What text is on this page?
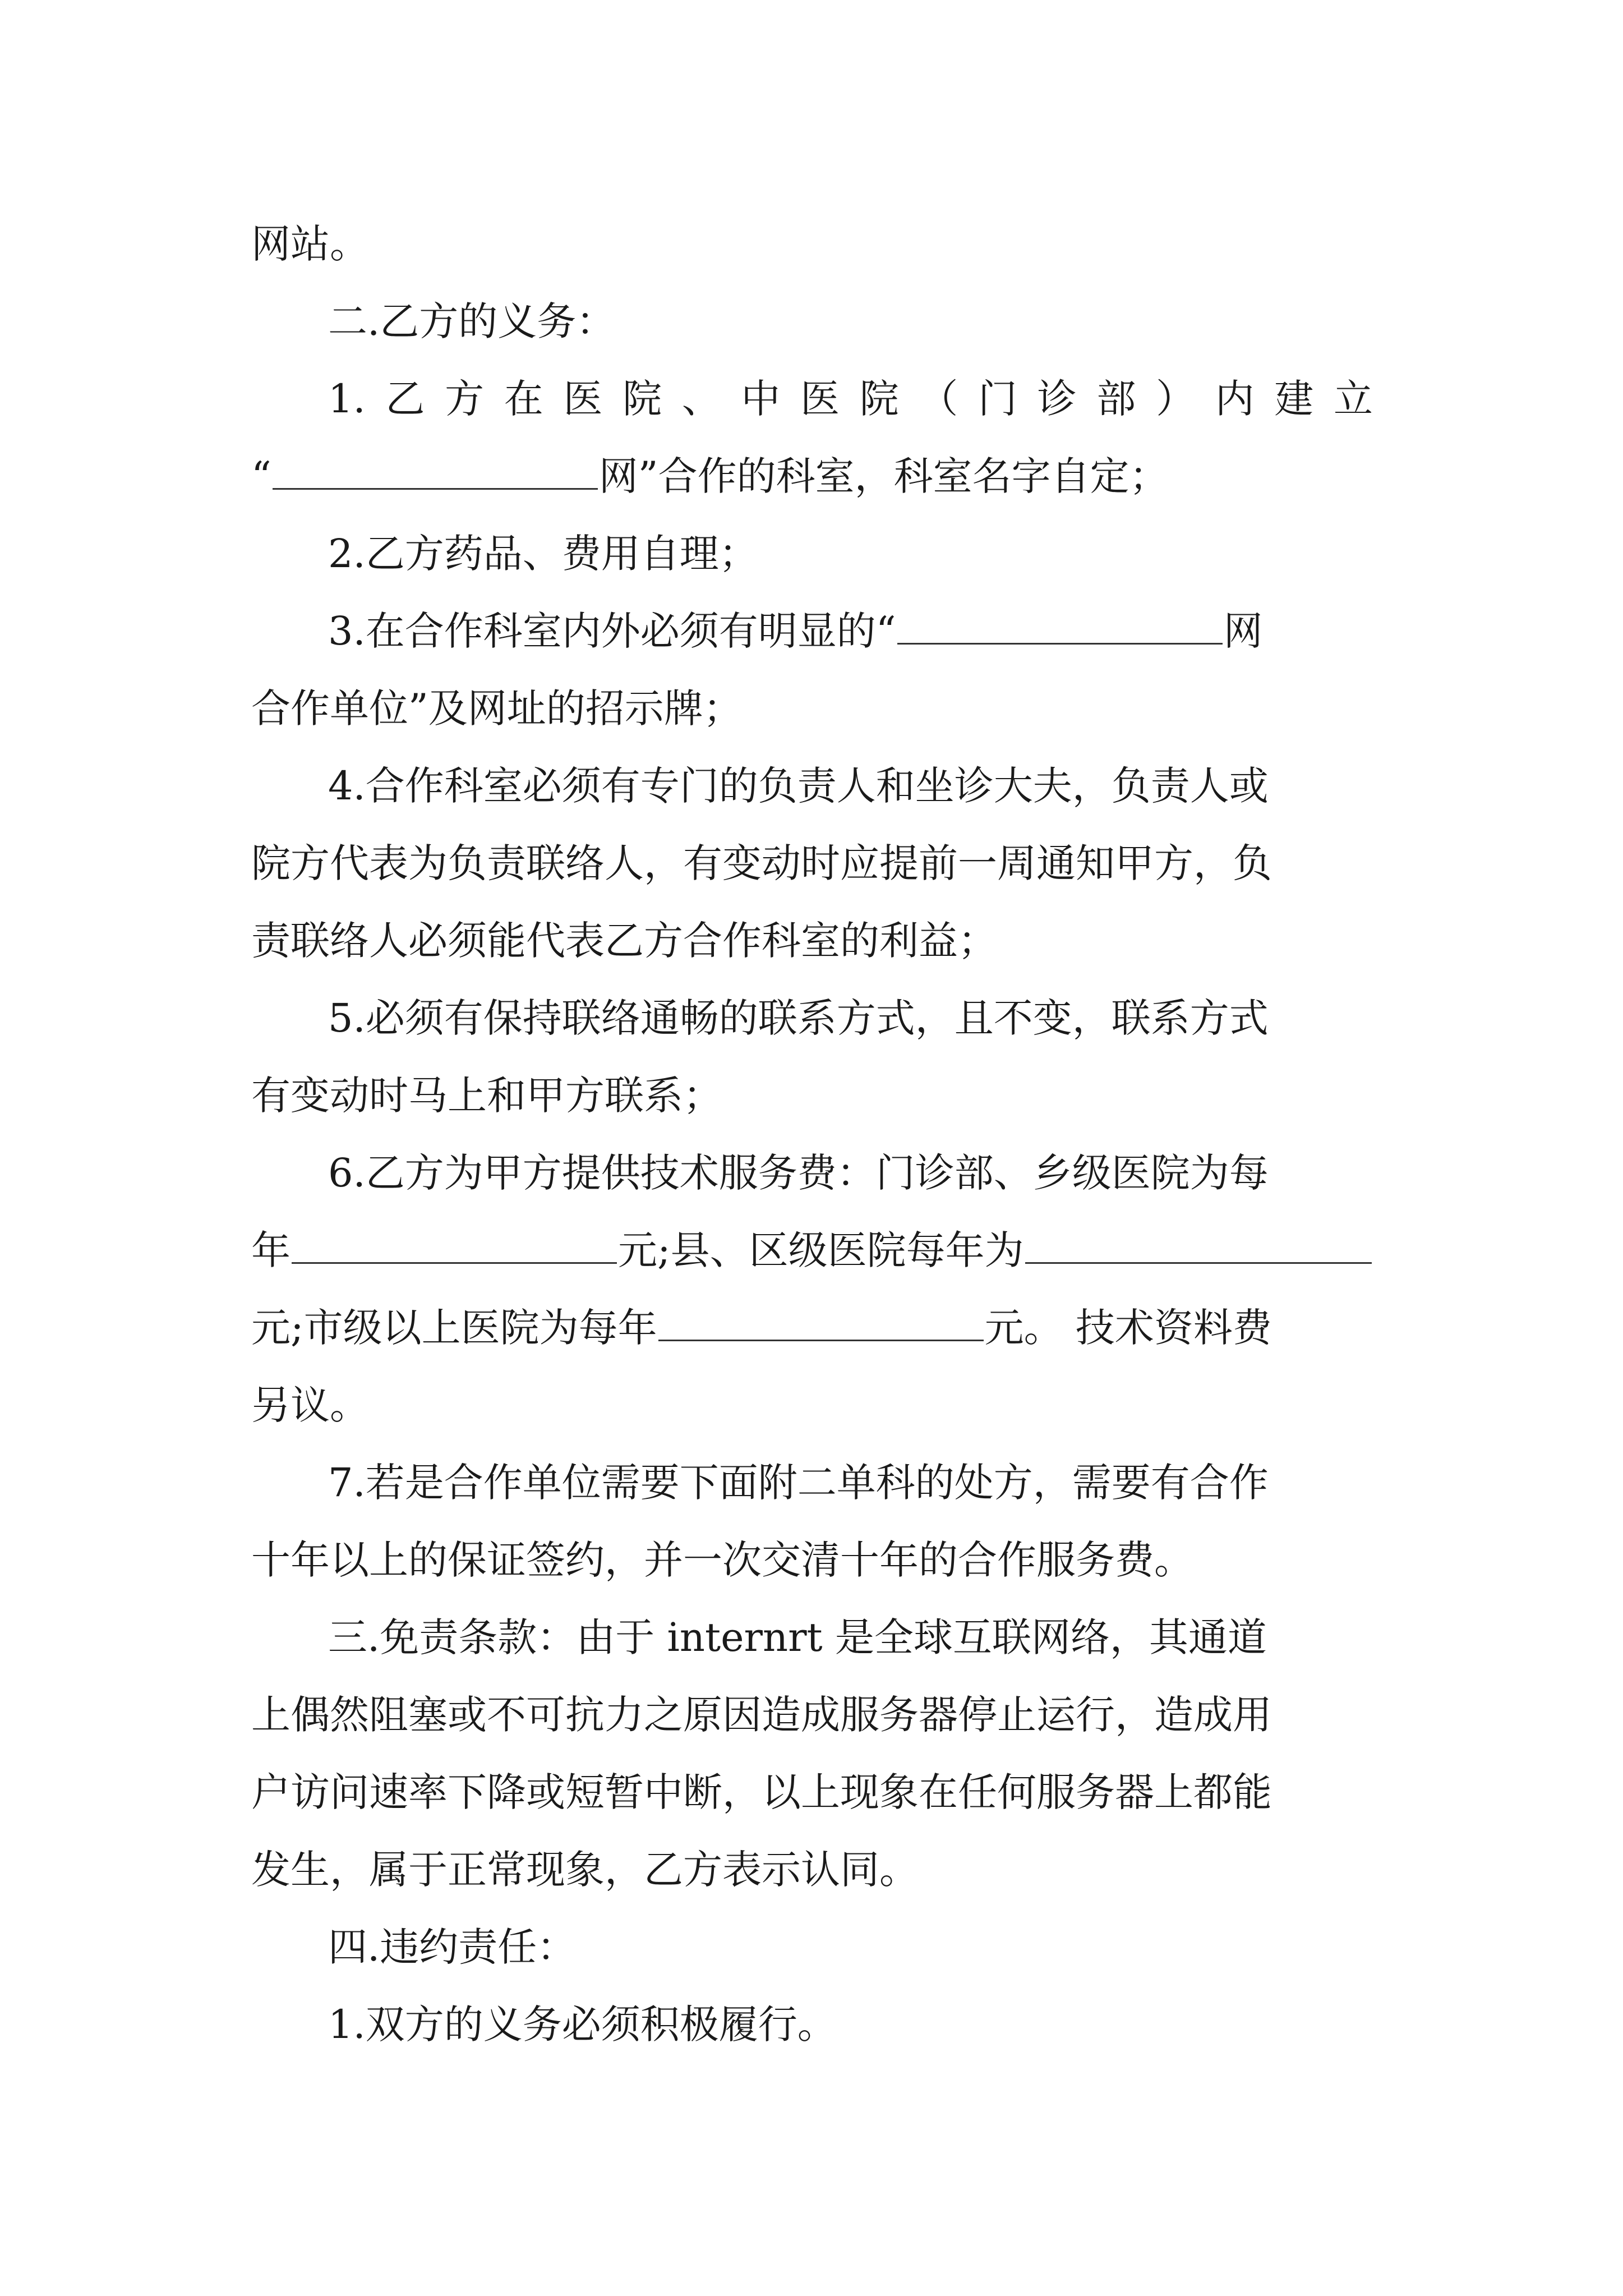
网站。
二.乙方的义务：
1. 乙 方 在 医 院 、 中 医 院 （ 门 诊 部 ） 内 建 立
“	网”合作的科室，科室名字自定；
2.乙方药品、费用自理；
3.在合作科室内外必须有明显的“	网
合作单位”及网址的招示牌；
4.合作科室必须有专门的负责人和坐诊大夫，负责人或
院方代表为负责联络人，有变动时应提前一周通知甲方，负
责联络人必须能代表乙方合作科室的利益；
5.必须有保持联络通畅的联系方式，且不变，联系方式
有变动时马上和甲方联系；
6.乙方为甲方提供技术服务费：门诊部、乡级医院为每
年	元;县、区级医院每年为
元;市级以上医院为每年	元。 技术资料费
另议。
7.若是合作单位需要下面附二单科的处方，需要有合作
十年以上的保证签约，并一次交清十年的合作服务费。
三.免责条款：由于 internrt 是全球互联网络，其通道
上偶然阻塞或不可抗力之原因造成服务器停止运行，造成用
户访问速率下降或短暂中断，以上现象在任何服务器上都能
发生，属于正常现象，乙方表示认同。
四.违约责任：
1.双方的义务必须积极履行。
